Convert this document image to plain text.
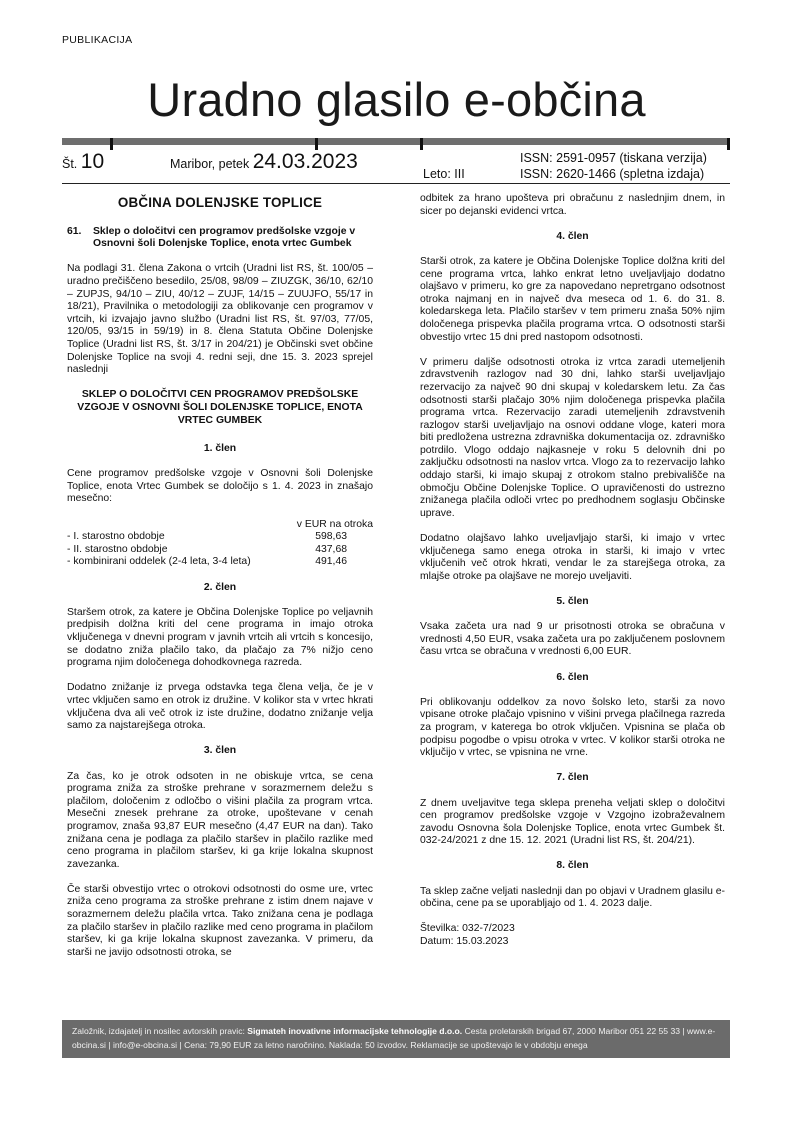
PUBLIKACIJA
Uradno glasilo e-občina
Št. 10	Maribor, petek 24.03.2023
Leto: III
ISSN: 2591-0957 (tiskana verzija)
ISSN: 2620-1466 (spletna izdaja)
OBČINA DOLENJSKE TOPLICE
61.	Sklep o določitvi cen programov predšolske vzgoje v Osnovni šoli Dolenjske Toplice, enota vrtec Gumbek

Na podlagi 31. člena Zakona o vrtcih (Uradni list RS, št. 100/05 – uradno prečiščeno besedilo, 25/08, 98/09 – ZIUZGK, 36/10, 62/10 – ZUPJS, 94/10 – ZIU, 40/12 – ZUJF, 14/15 – ZUUJFO, 55/17 in 18/21), Pravilnika o metodologiji za oblikovanje cen programov v vrtcih, ki izvajajo javno službo (Uradni list RS, št. 97/03, 77/05, 120/05, 93/15 in 59/19) in 8. člena Statuta Občine Dolenjske Toplice (Uradni list RS, št. 3/17 in 204/21) je Občinski svet občine Dolenjske Toplice na svoji 4. redni seji, dne 15. 3. 2023 sprejel naslednji

SKLEP O DOLOČITVI CEN PROGRAMOV PREDŠOLSKE VZGOJE V OSNOVNI ŠOLI DOLENJSKE TOPLICE, ENOTA VRTEC GUMBEK
1. člen

Cene programov predšolske vzgoje v Osnovni šoli Dolenjske Toplice, enota Vrtec Gumbek se določijo s 1. 4. 2023 in znašajo mesečno:

	v EUR na otroka
- I. starostno obdobje	598,63
- II. starostno obdobje	437,68
- kombinirani oddelek (2-4 leta, 3-4 leta)	491,46
2. člen

Staršem otrok, za katere je Občina Dolenjske Toplice po veljavnih predpisih dolžna kriti del cene programa in imajo otroka vključenega v dnevni program v javnih vrtcih ali vrtcih s koncesijo, se dodatno zniža plačilo tako, da plačajo za 7% nižjo ceno programa njim določenega dohodkovnega razreda.

Dodatno znižanje iz prvega odstavka tega člena velja, če je v vrtec vključen samo en otrok iz družine. V kolikor sta v vrtec hkrati vključena dva ali več otrok iz iste družine, dodatno znižanje velja samo za najstarejšega otroka.

3. člen

Za čas, ko je otrok odsoten in ne obiskuje vrtca, se cena programa zniža za stroške prehrane v sorazmernem deležu s plačilom, določenim z odločbo o višini plačila za program vrtca. Mesečni znesek prehrane za otroke, upoštevane v cenah programov, znaša 93,87 EUR mesečno (4,47 EUR na dan). Tako znižana cena je podlaga za plačilo staršev in plačilo razlike med ceno programa in plačilom staršev, ki ga krije lokalna skupnost zavezanka.

Če starši obvestijo vrtec o otrokovi odsotnosti do osme ure, vrtec zniža ceno programa za stroške prehrane z istim dnem najave v sorazmernem deležu plačila vrtca. Tako znižana cena je podlaga za plačilo staršev in plačilo razlike med ceno programa in plačilom staršev, ki ga krije lokalna skupnost zavezanka. V primeru, da starši ne javijo odsotnosti otroka, se

odbitek za hrano upošteva pri obračunu z naslednjim dnem, in sicer po dejanski evidenci vrtca.

4. člen

Starši otrok, za katere je Občina Dolenjske Toplice dolžna kriti del cene programa vrtca, lahko enkrat letno uveljavljajo dodatno olajšavo v primeru, ko gre za napovedano nepretrgano odsotnost otroka najmanj en in največ dva meseca od 1. 6. do 31. 8. koledarskega leta. Plačilo staršev v tem primeru znaša 50% njim določenega prispevka plačila programa vrtca. O odsotnosti starši obvestijo vrtec 15 dni pred nastopom odsotnosti.

V primeru daljše odsotnosti otroka iz vrtca zaradi utemeljenih zdravstvenih razlogov nad 30 dni, lahko starši uveljavljajo rezervacijo za največ 90 dni skupaj v koledarskem letu. Za čas odsotnosti starši plačajo 30% njim določenega prispevka plačila programa vrtca. Rezervacijo zaradi utemeljenih zdravstvenih razlogov starši uveljavljajo na osnovi oddane vloge, kateri mora biti predložena ustrezna zdravniška dokumentacija oz. zdravniško potrdilo. Vlogo oddajo najkasneje v roku 5 delovnih dni po zaključku odsotnosti na naslov vrtca. Vlogo za to rezervacijo lahko oddajo starši, ki imajo skupaj z otrokom stalno prebivališče na območju Občine Dolenjske Toplice. O upravičenosti do ustrezno znižanega plačila odloči vrtec po predhodnem soglasju Občinske uprave.

Dodatno olajšavo lahko uveljavljajo starši, ki imajo v vrtec vključenega samo enega otroka in starši, ki imajo v vrtec vključenih več otrok hkrati, vendar le za starejšega otroka, za mlajše otroke pa olajšave ne morejo uveljaviti.

5. člen

Vsaka začeta ura nad 9 ur prisotnosti otroka se obračuna v vrednosti 4,50 EUR, vsaka začeta ura po zaključenem poslovnem času vrtca se obračuna v vrednosti 6,00 EUR.

6. člen

Pri oblikovanju oddelkov za novo šolsko leto, starši za novo vpisane otroke plačajo vpisnino v višini prvega plačilnega razreda za program, v katerega bo otrok vključen. Vpisnina se plača ob podpisu pogodbe o vpisu otroka v vrtec. V kolikor starši otroka ne vključijo v vrtec, se vpisnina ne vrne.

7. člen

Z dnem uveljavitve tega sklepa preneha veljati sklep o določitvi cen programov predšolske vzgoje v Vzgojno izobraževalnem zavodu Osnovna šola Dolenjske Toplice, enota vrtec Gumbek št. 032-24/2021 z dne 15. 12. 2021 (Uradni list RS, št. 204/21).

8. člen

Ta sklep začne veljati naslednji dan po objavi v Uradnem glasilu e-občina, cene pa se uporabljajo od 1. 4. 2023 dalje.

Številka: 032-7/2023
Datum: 15.03.2023
Založnik, izdajatelj in nosilec avtorskih pravic: Sigmateh inovativne informacijske tehnologije d.o.o. Cesta proletarskih brigad 67, 2000 Maribor 051 22 55 33 | www.e-obcina.si | info@e-obcina.si | Cena: 79,90 EUR za letno naročnino. Naklada: 50 izvodov. Reklamacije se upoštevajo le v obdobju enega
